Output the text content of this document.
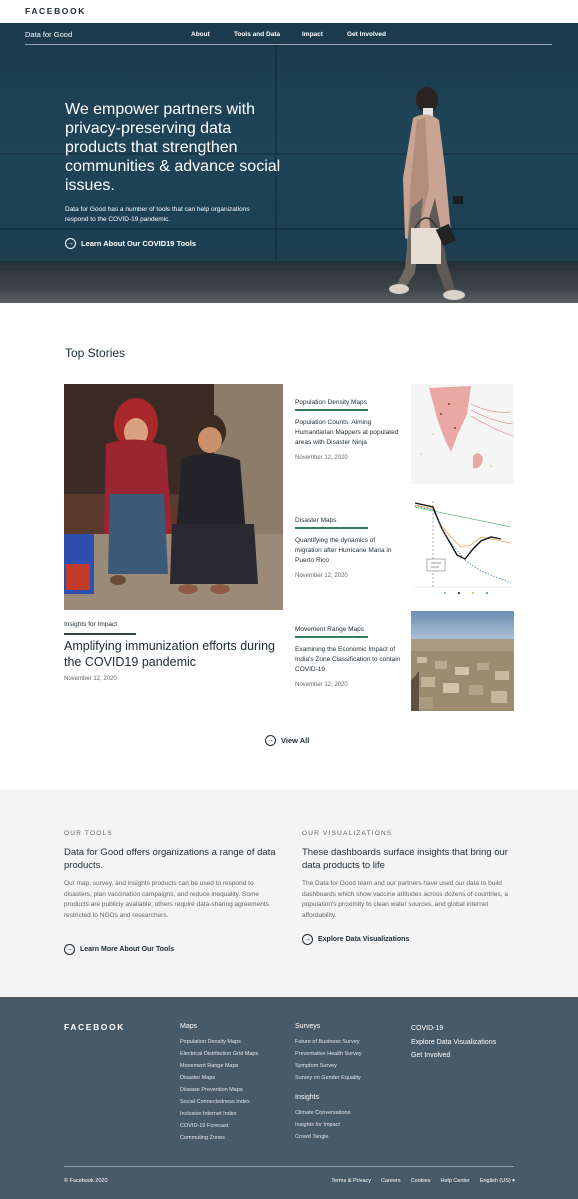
FACEBOOK
Data for Good	About	Tools and Data	Impact	Get Involved
We empower partners with privacy-preserving data products that strengthen communities & advance social issues.
Data for Good has a number of tools that can help organizations respond to the COVID-19 pandemic.
→ Learn About Our COVID19 Tools
Top Stories
Insights for Impact
Amplifying immunization efforts during the COVID19 pandemic
November 12, 2020
Population Density Maps
Population Counts: Aiming Humanitarian Mappers at populated areas with Disaster Ninja
November 12, 2020
Disaster Maps
Quantifying the dynamics of migration after Hurricane Maria in Puerto Rico
November 12, 2020
Movement Range Maps
Examining the Economic Impact of India's Zone Classification to contain COVID-19
November 12, 2020
→ View All
OUR TOOLS
Data for Good offers organizations a range of data products.
Our map, survey, and insights products can be used to respond to disasters, plan vaccination campaigns, and reduce inequality. Some products are publicly available; others require data-sharing agreements restricted to NGOs and researchers.
→ Learn More About Our Tools
OUR VISUALIZATIONS
These dashboards surface insights that bring our data products to life
The Data for Good team and our partners have used our data to build dashboards which show vaccine attitudes across dozens of countries, a population's proximity to clean water sources, and global internet affordability.
→ Explore Data Visualizations
FACEBOOK	Maps
Population Density Maps
Electrical Distribution Grid Maps
Movement Range Maps
Disaster Maps
Disease Prevention Maps
Social Connectedness Index
Inclusive Internet Index
COVID-19 Forecast
Commuting Zones
Surveys
Future of Business Survey
Preventative Health Survey
Symptom Survey
Survey on Gender Equality
Insights
Climate Conversations
Insights for Impact
Crowd Tangle
COVID-19
Explore Data Visualizations
Get Involved
© Facebook 2020	Terms & Privacy Careers Cookies Help Center English (US) ▾
